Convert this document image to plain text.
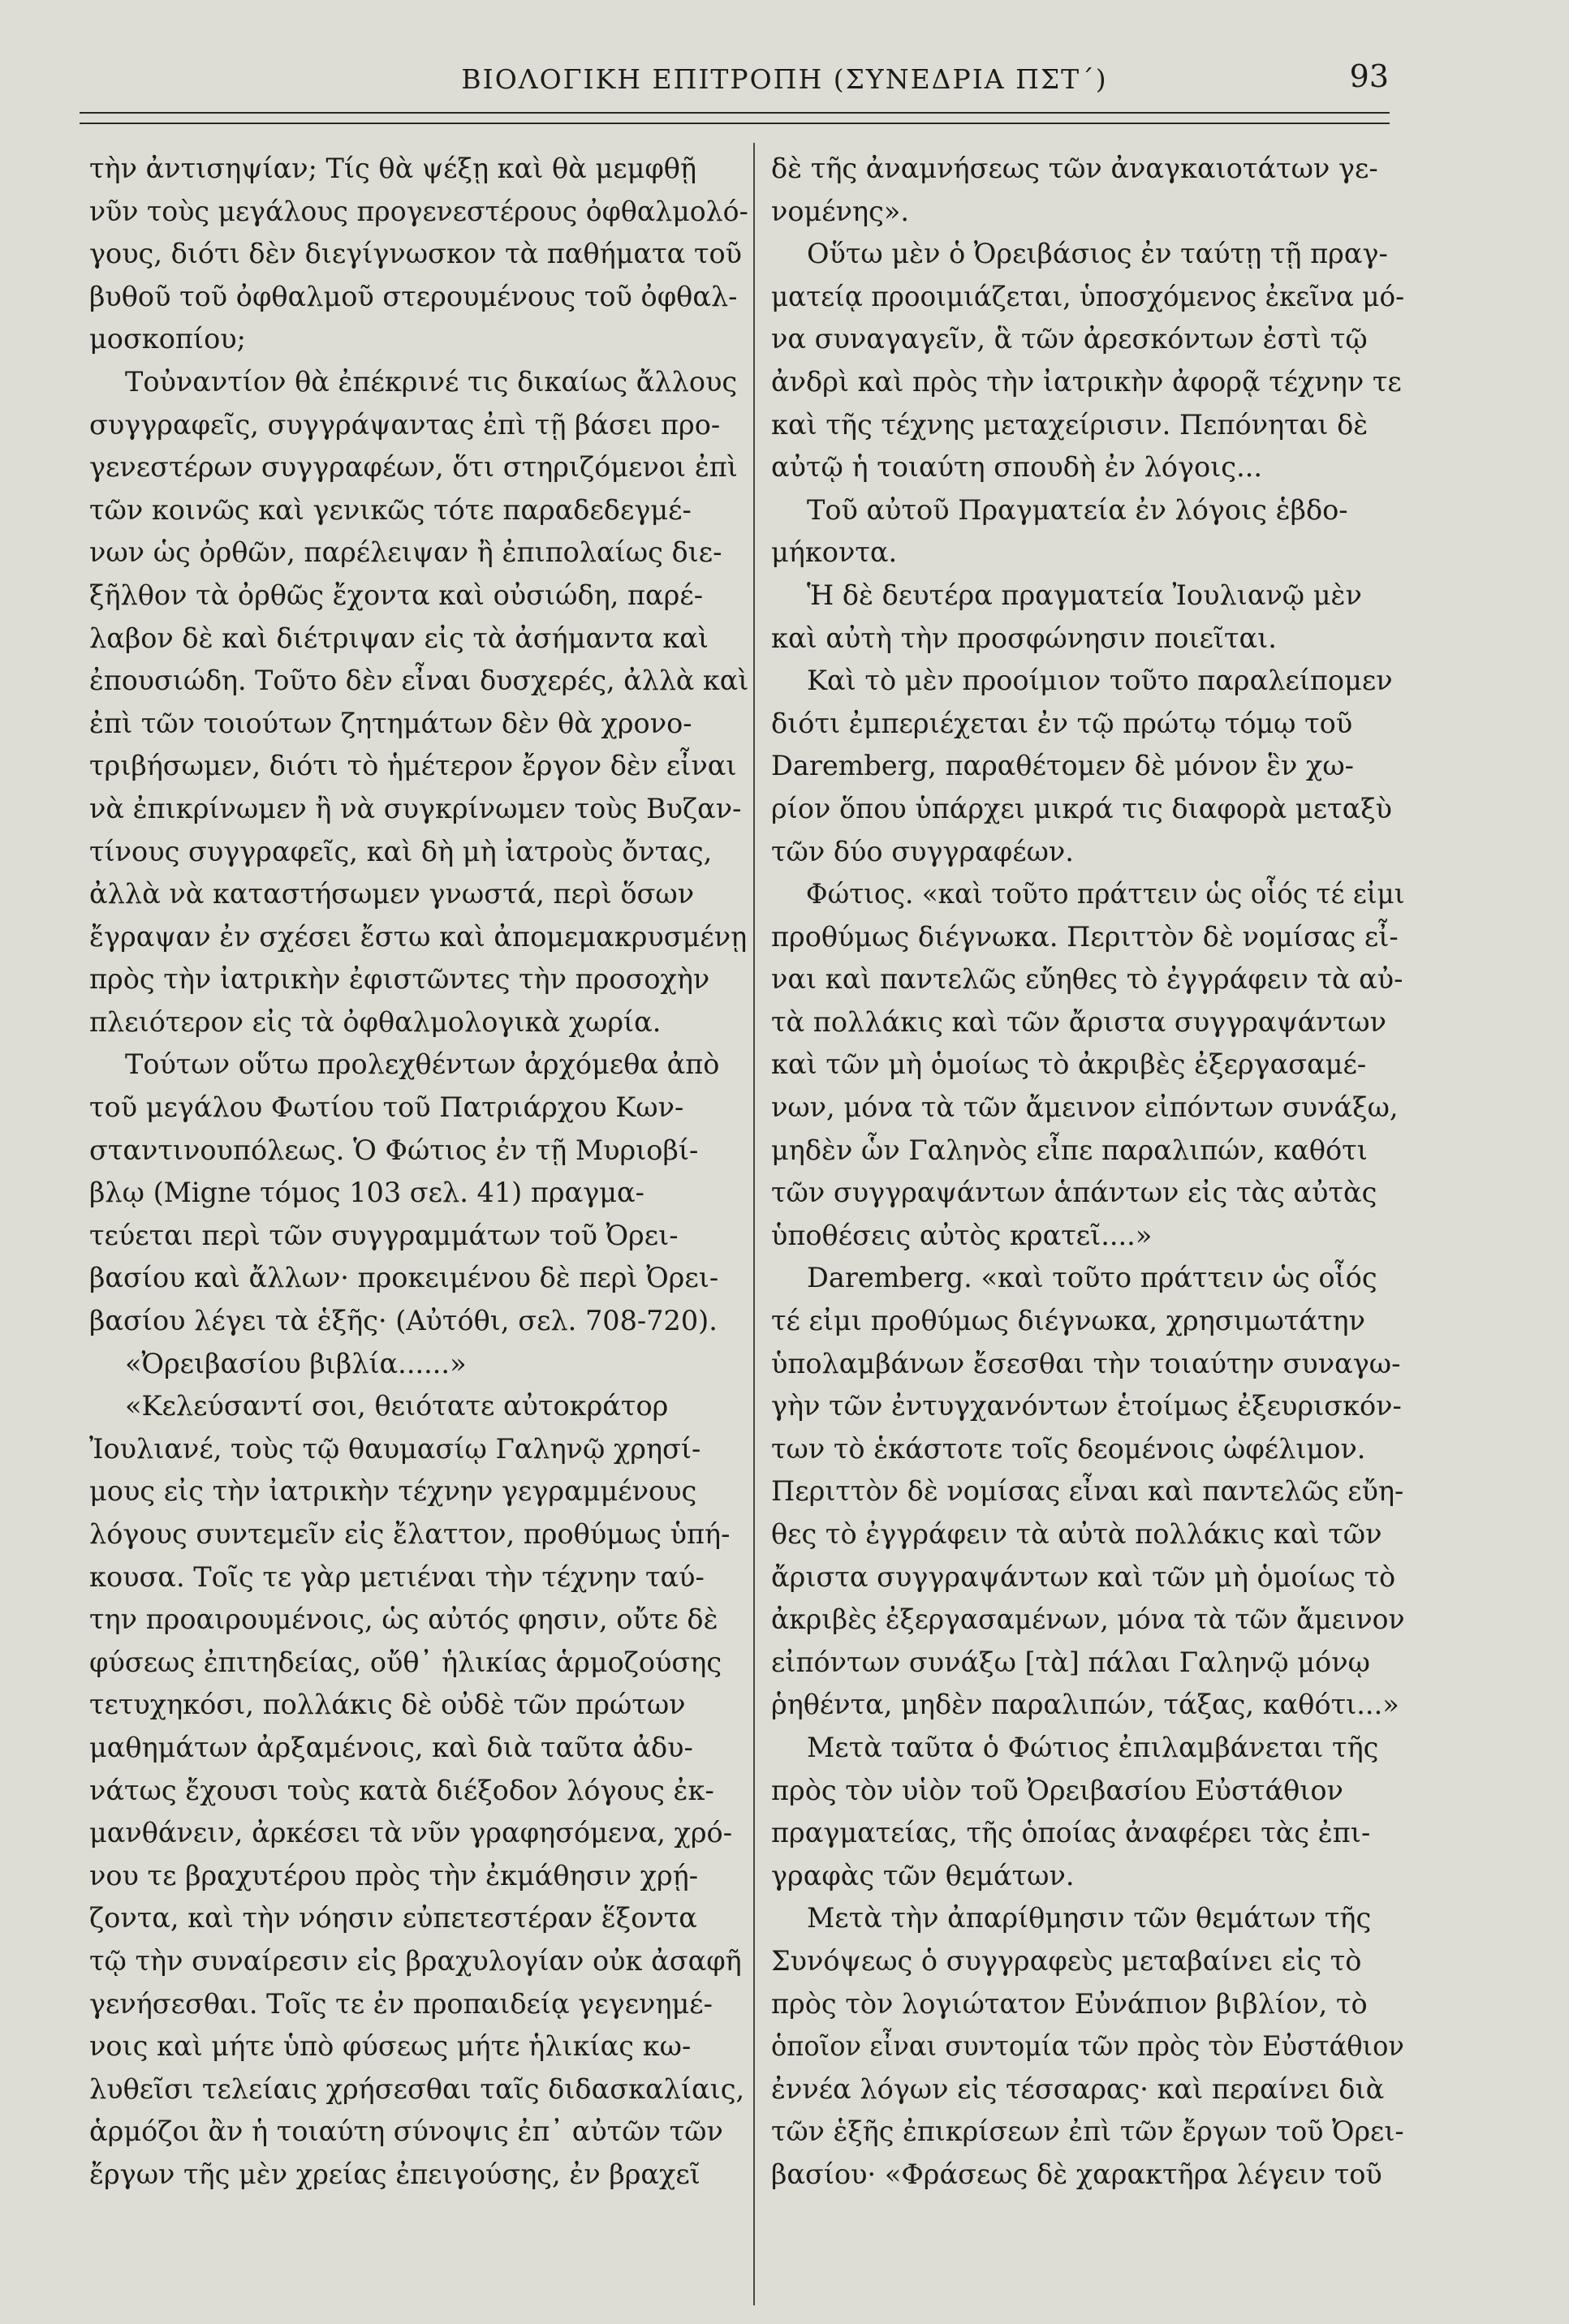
ΒΙΟΛΟΓΙΚΗ ΕΠΙΤΡΟΠΗ (ΣΥΝΕΔΡΙΑ ΠΣΤ΄)	93
τὴν ἀντισηψίαν; Τίς θὰ ψέξῃ καὶ θὰ μεμφθῇ
νῦν τοὺς μεγάλους προγενεστέρους ὀφθαλμολό-
γους, διότι δὲν διεγίγνωσκον τὰ παθήματα τοῦ
βυθοῦ τοῦ ὀφθαλμοῦ στερουμένους τοῦ ὀφθαλ-
μοσκοπίου;
Τοὐναντίον θὰ ἐπέκρινέ τις δικαίως ἄλλους
συγγραφεῖς, συγγράψαντας ἐπὶ τῇ βάσει προ-
γενεστέρων συγγραφέων, ὅτι στηριζόμενοι ἐπὶ
τῶν κοινῶς καὶ γενικῶς τότε παραδεδεγμέ-
νων ὡς ὀρθῶν, παρέλειψαν ἢ ἐπιπολαίως διε-
ξῆλθον τὰ ὀρθῶς ἔχοντα καὶ οὐσιώδη, παρέ-
λαβον δὲ καὶ διέτριψαν εἰς τὰ ἀσήμαντα καὶ
ἐπουσιώδη. Τοῦτο δὲν εἶναι δυσχερές, ἀλλὰ καὶ
ἐπὶ τῶν τοιούτων ζητημάτων δὲν θὰ χρονο-
τριβήσωμεν, διότι τὸ ἡμέτερον ἔργον δὲν εἶναι
νὰ ἐπικρίνωμεν ἢ νὰ συγκρίνωμεν τοὺς Βυζαν-
τίνους συγγραφεῖς, καὶ δὴ μὴ ἰατροὺς ὄντας,
ἀλλὰ νὰ καταστήσωμεν γνωστά, περὶ ὅσων
ἔγραψαν ἐν σχέσει ἔστω καὶ ἀπομεμακρυσμένῃ
πρὸς τὴν ἰατρικὴν ἐφιστῶντες τὴν προσοχὴν
πλειότερον εἰς τὰ ὀφθαλμολογικὰ χωρία.
Τούτων οὕτω προλεχθέντων ἀρχόμεθα ἀπὸ
τοῦ μεγάλου Φωτίου τοῦ Πατριάρχου Κων-
σταντινουπόλεως. Ὁ Φώτιος ἐν τῇ Μυριοβί-
βλῳ (Migne τόμος 103 σελ. 41) πραγμα-
τεύεται περὶ τῶν συγγραμμάτων τοῦ Ὀρει-
βασίου καὶ ἄλλων· προκειμένου δὲ περὶ Ὀρει-
βασίου λέγει τὰ ἑξῆς· (Αὐτόθι, σελ. 708-720).
«Ὀρειβασίου βιβλία......»
«Κελεύσαντί σοι, θειότατε αὐτοκράτορ
Ἰουλιανέ, τοὺς τῷ θαυμασίῳ Γαληνῷ χρησί-
μους εἰς τὴν ἰατρικὴν τέχνην γεγραμμένους
λόγους συντεμεῖν εἰς ἔλαττον, προθύμως ὑπή-
κουσα. Τοῖς τε γὰρ μετιέναι τὴν τέχνην ταύ-
την προαιρουμένοις, ὡς αὐτός φησιν, οὔτε δὲ
φύσεως ἐπιτηδείας, οὔθ᾽ ἡλικίας ἁρμοζούσης
τετυχηκόσι, πολλάκις δὲ οὐδὲ τῶν πρώτων
μαθημάτων ἀρξαμένοις, καὶ διὰ ταῦτα ἀδυ-
νάτως ἔχουσι τοὺς κατὰ διέξοδον λόγους ἐκ-
μανθάνειν, ἀρκέσει τὰ νῦν γραφησόμενα, χρό-
νου τε βραχυτέρου πρὸς τὴν ἐκμάθησιν χρῄ-
ζοντα, καὶ τὴν νόησιν εὐπετεστέραν ἕξοντα
τῷ τὴν συναίρεσιν εἰς βραχυλογίαν οὐκ ἀσαφῆ
γενήσεσθαι. Τοῖς τε ἐν προπαιδείᾳ γεγενημέ-
νοις καὶ μήτε ὑπὸ φύσεως μήτε ἡλικίας κω-
λυθεῖσι τελείαις χρήσεσθαι ταῖς διδασκαλίαις,
ἁρμόζοι ἂν ἡ τοιαύτη σύνοψις ἐπ᾽ αὐτῶν τῶν
ἔργων τῆς μὲν χρείας ἐπειγούσης, ἐν βραχεῖ
δὲ τῆς ἀναμνήσεως τῶν ἀναγκαιοτάτων γε-
νομένης».
Οὕτω μὲν ὁ Ὀρειβάσιος ἐν ταύτῃ τῇ πραγ-
ματείᾳ προοιμιάζεται, ὑποσχόμενος ἐκεῖνα μό-
να συναγαγεῖν, ἃ τῶν ἀρεσκόντων ἐστὶ τῷ
ἀνδρὶ καὶ πρὸς τὴν ἰατρικὴν ἀφορᾷ τέχνην τε
καὶ τῆς τέχνης μεταχείρισιν. Πεπόνηται δὲ
αὐτῷ ἡ τοιαύτη σπουδὴ ἐν λόγοις...
Τοῦ αὐτοῦ Πραγματεία ἐν λόγοις ἑβδο-
μήκοντα.
Ἡ δὲ δευτέρα πραγματεία Ἰουλιανῷ μὲν
καὶ αὐτὴ τὴν προσφώνησιν ποιεῖται.
Καὶ τὸ μὲν προοίμιον τοῦτο παραλείπομεν
διότι ἐμπεριέχεται ἐν τῷ πρώτῳ τόμῳ τοῦ
Daremberg, παραθέτομεν δὲ μόνον ἓν χω-
ρίον ὅπου ὑπάρχει μικρά τις διαφορὰ μεταξὺ
τῶν δύο συγγραφέων.
Φώτιος. «καὶ τοῦτο πράττειν ὡς οἷός τέ εἰμι
προθύμως διέγνωκα. Περιττὸν δὲ νομίσας εἶ-
ναι καὶ παντελῶς εὔηθες τὸ ἐγγράφειν τὰ αὐ-
τὰ πολλάκις καὶ τῶν ἄριστα συγγραψάντων
καὶ τῶν μὴ ὁμοίως τὸ ἀκριβὲς ἐξεργασαμέ-
νων, μόνα τὰ τῶν ἄμεινον εἰπόντων συνάξω,
μηδὲν ὧν Γαληνὸς εἶπε παραλιπών, καθότι
τῶν συγγραψάντων ἁπάντων εἰς τὰς αὐτὰς
ὑποθέσεις αὐτὸς κρατεῖ....»
Daremberg. «καὶ τοῦτο πράττειν ὡς οἷός
τέ εἰμι προθύμως διέγνωκα, χρησιμωτάτην
ὑπολαμβάνων ἔσεσθαι τὴν τοιαύτην συναγω-
γὴν τῶν ἐντυγχανόντων ἑτοίμως ἐξευρισκόν-
των τὸ ἑκάστοτε τοῖς δεομένοις ὠφέλιμον.
Περιττὸν δὲ νομίσας εἶναι καὶ παντελῶς εὔη-
θες τὸ ἐγγράφειν τὰ αὐτὰ πολλάκις καὶ τῶν
ἄριστα συγγραψάντων καὶ τῶν μὴ ὁμοίως τὸ
ἀκριβὲς ἐξεργασαμένων, μόνα τὰ τῶν ἄμεινον
εἰπόντων συνάξω [τὰ] πάλαι Γαληνῷ μόνῳ
ῥηθέντα, μηδὲν παραλιπών, τάξας, καθότι...»
Μετὰ ταῦτα ὁ Φώτιος ἐπιλαμβάνεται τῆς
πρὸς τὸν υἱὸν τοῦ Ὀρειβασίου Εὐστάθιον
πραγματείας, τῆς ὁποίας ἀναφέρει τὰς ἐπι-
γραφὰς τῶν θεμάτων.
Μετὰ τὴν ἀπαρίθμησιν τῶν θεμάτων τῆς
Συνόψεως ὁ συγγραφεὺς μεταβαίνει εἰς τὸ
πρὸς τὸν λογιώτατον Εὐνάπιον βιβλίον, τὸ
ὁποῖον εἶναι συντομία τῶν πρὸς τὸν Εὐστάθιον
ἐννέα λόγων εἰς τέσσαρας· καὶ περαίνει διὰ
τῶν ἑξῆς ἐπικρίσεων ἐπὶ τῶν ἔργων τοῦ Ὀρει-
βασίου· «Φράσεως δὲ χαρακτῆρα λέγειν τοῦ
